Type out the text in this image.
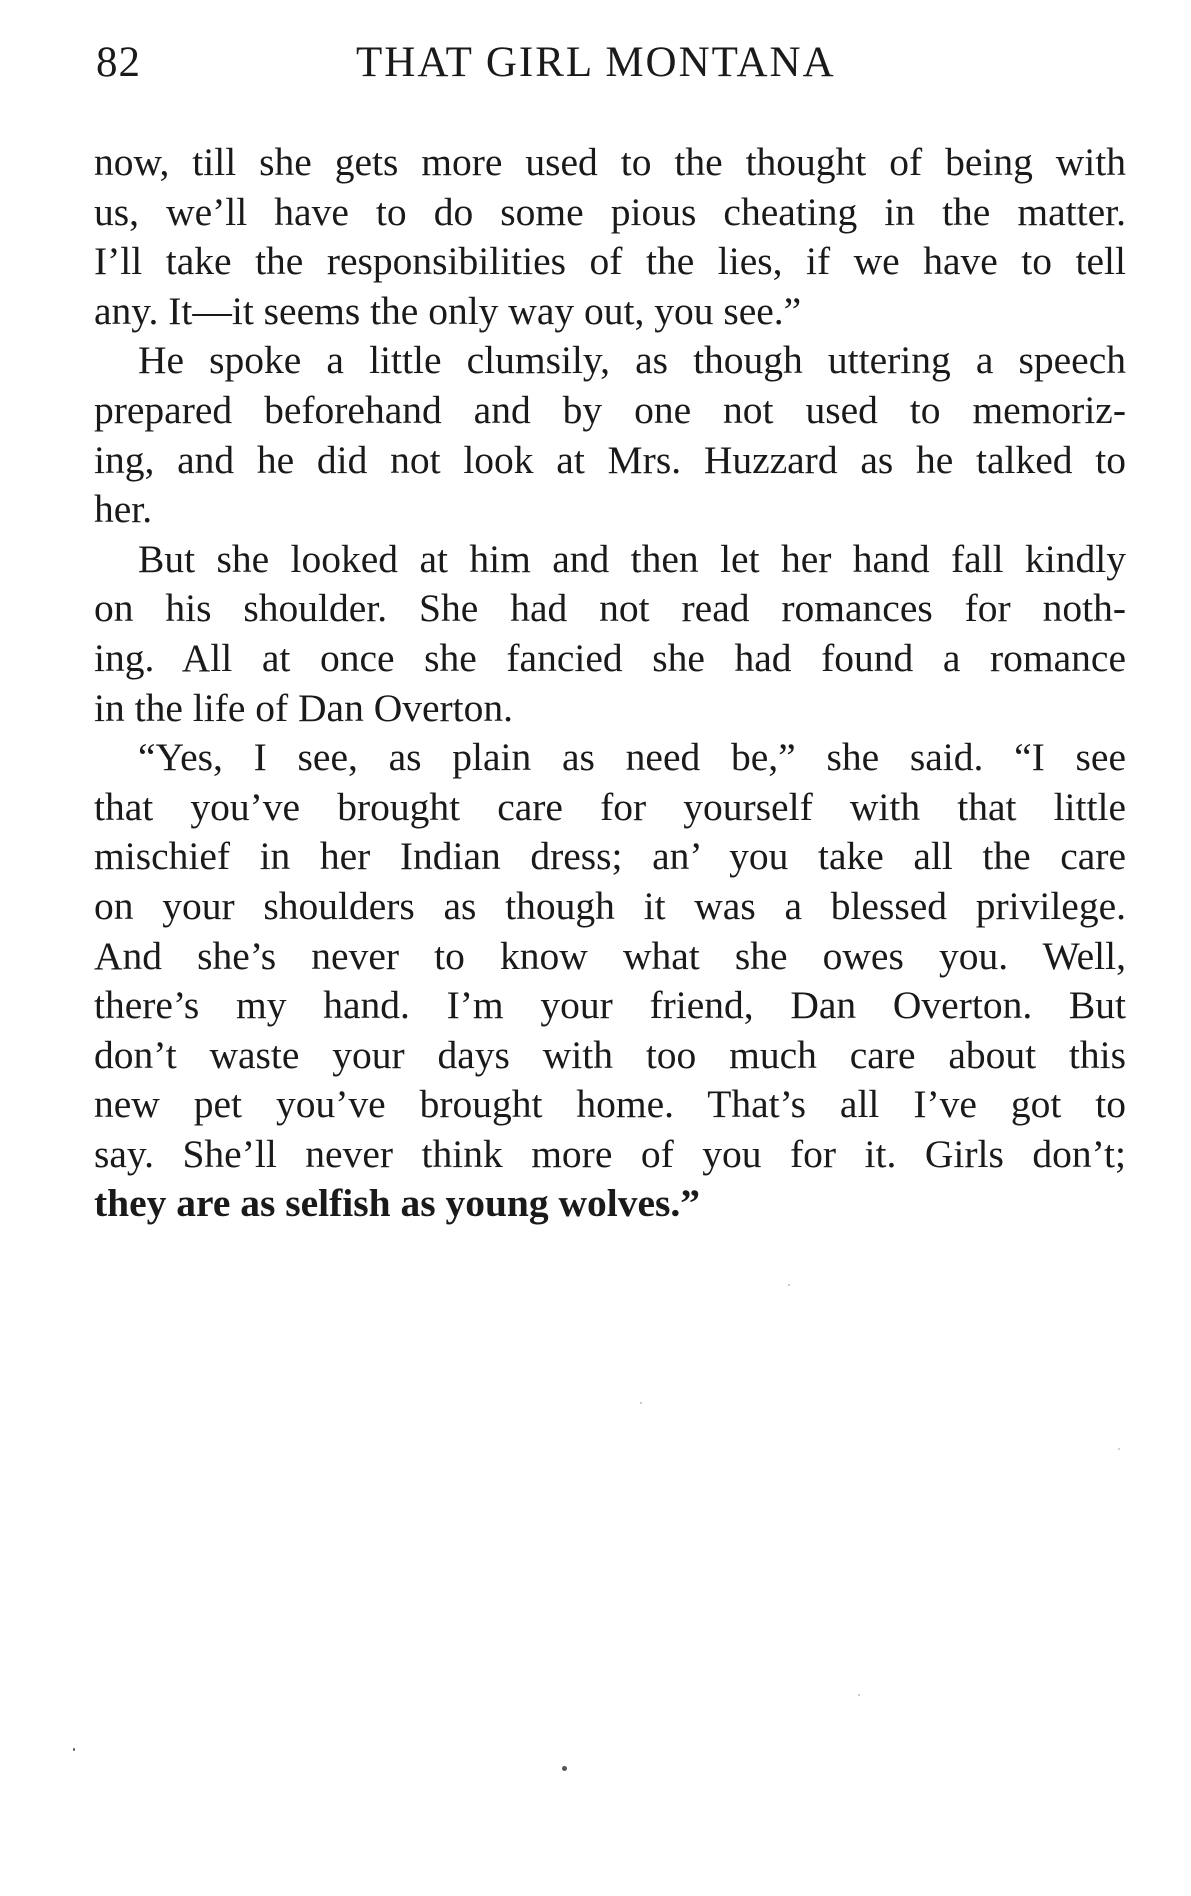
82	THAT GIRL MONTANA
now, till she gets more used to the thought of being with
us, we’ll have to do some pious cheating in the matter.
I’ll take the responsibilities of the lies, if we have to tell
any. It—it seems the only way out, you see.”
He spoke a little clumsily, as though uttering a speech
prepared beforehand and by one not used to memoriz-
ing, and he did not look at Mrs. Huzzard as he talked to
her.
But she looked at him and then let her hand fall kindly
on his shoulder. She had not read romances for noth-
ing. All at once she fancied she had found a romance
in the life of Dan Overton.
“Yes, I see, as plain as need be,” she said. “I see
that you’ve brought care for yourself with that little
mischief in her Indian dress; an’ you take all the care
on your shoulders as though it was a blessed privilege.
And she’s never to know what she owes you. Well,
there’s my hand. I’m your friend, Dan Overton. But
don’t waste your days with too much care about this
new pet you’ve brought home. That’s all I’ve got to
say. She’ll never think more of you for it. Girls don’t;
they are as selfish as young wolves.”
